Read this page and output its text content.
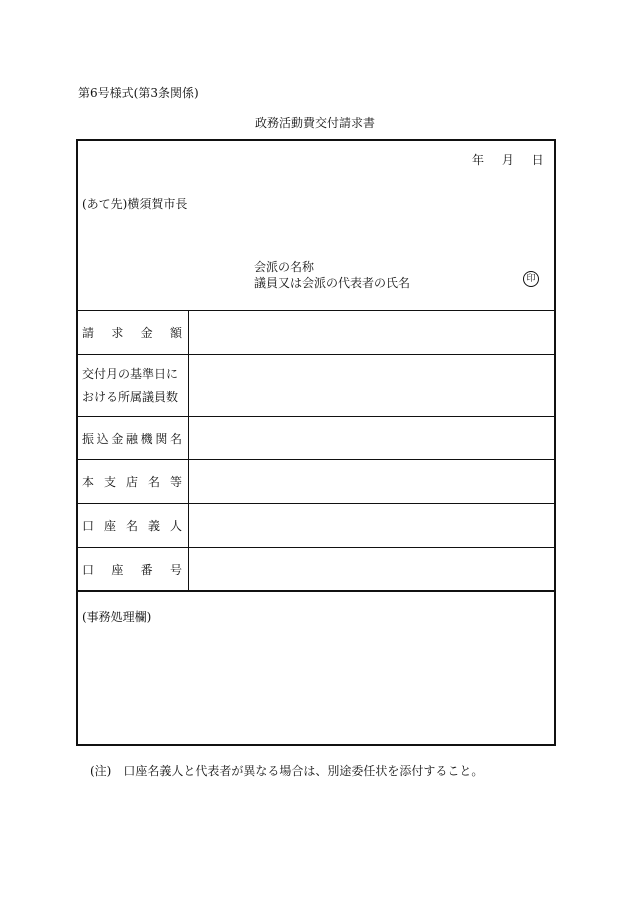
第6号様式(第3条関係)
政務活動費交付請求書
年 月 日
(あて先)横須賀市長
会派の名称
議員又は会派の代表者の氏名	印
請 求 金 額
交付月の基準日に
おける所属議員数
振込金融機関名
本 支 店 名 等
口 座 名 義 人
口 座 番 号
(事務処理欄)
(注) 口座名義人と代表者が異なる場合は、別途委任状を添付すること。
